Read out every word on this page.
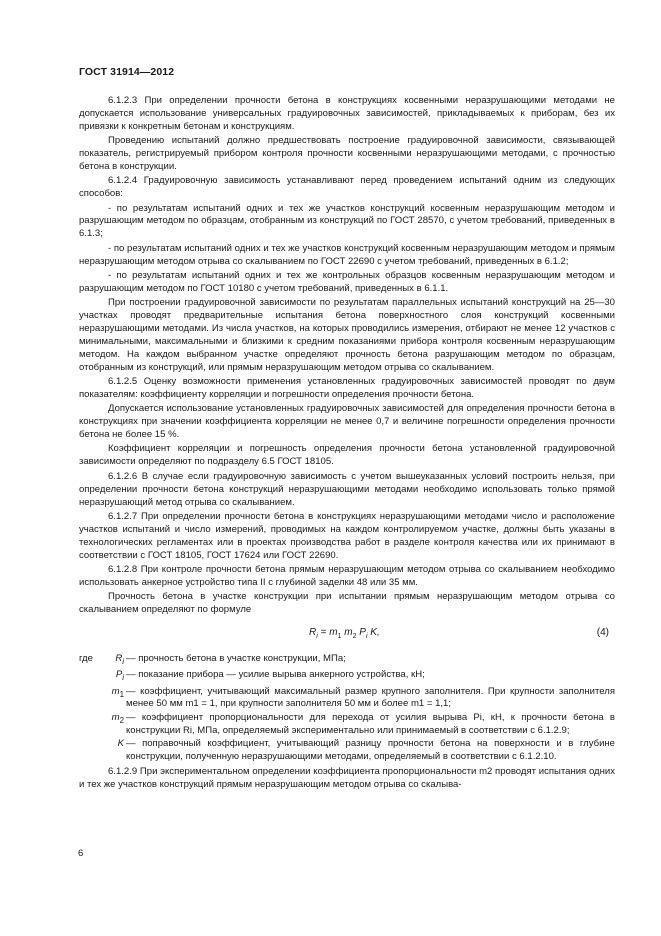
ГОСТ 31914—2012

6.1.2.3 При определении прочности бетона в конструкциях косвенными неразрушающими методами не допускается использование универсальных градуировочных зависимостей, прикладываемых к приборам, без их привязки к конкретным бетонам и конструкциям.

Проведению испытаний должно предшествовать построение градуировочной зависимости, связывающей показатель, регистрируемый прибором контроля прочности косвенными неразрушающими методами, с прочностью бетона в конструкции.

6.1.2.4 Градуировочную зависимость устанавливают перед проведением испытаний одним из следующих способов:

- по результатам испытаний одних и тех же участков конструкций косвенным неразрушающим методом и разрушающим методом по образцам, отобранным из конструкций по ГОСТ 28570, с учетом требований, приведенных в 6.1.3;

- по результатам испытаний одних и тех же участков конструкций косвенным неразрушающим методом и прямым неразрушающим методом отрыва со скалыванием по ГОСТ 22690 с учетом требований, приведенных в 6.1.2;

- по результатам испытаний одних и тех же контрольных образцов косвенным неразрушающим методом и разрушающим методом по ГОСТ 10180 с учетом требований, приведенных в 6.1.1.

При построении градуировочной зависимости по результатам параллельных испытаний конструкций на 25—30 участках проводят предварительные испытания бетона поверхностного слоя конструкций косвенными неразрушающими методами. Из числа участков, на которых проводились измерения, отбирают не менее 12 участков с минимальными, максимальными и близкими к средним показаниями прибора контроля косвенным неразрушающим методом. На каждом выбранном участке определяют прочность бетона разрушающим методом по образцам, отобранным из конструкций, или прямым неразрушающим методом отрыва со скалыванием.

6.1.2.5 Оценку возможности применения установленных градуировочных зависимостей проводят по двум показателям: коэффициенту корреляции и погрешности определения прочности бетона.

Допускается использование установленных градуировочных зависимостей для определения прочности бетона в конструкциях при значении коэффициента корреляции не менее 0,7 и величине погрешности определения прочности бетона не более 15 %.

Коэффициент корреляции и погрешность определения прочности бетона установленной градуировочной зависимости определяют по подразделу 6.5 ГОСТ 18105.

6.1.2.6 В случае если градуировочную зависимость с учетом вышеуказанных условий построить нельзя, при определении прочности бетона конструкций неразрушающими методами необходимо использовать только прямой неразрушающий метод отрыва со скалыванием.

6.1.2.7 При определении прочности бетона в конструкциях неразрушающими методами число и расположение участков испытаний и число измерений, проводимых на каждом контролируемом участке, должны быть указаны в технологических регламентах или в проектах производства работ в разделе контроля качества или их принимают в соответствии с ГОСТ 18105, ГОСТ 17624 или ГОСТ 22690.

6.1.2.8 При контроле прочности бетона прямым неразрушающим методом отрыва со скалыванием необходимо использовать анкерное устройство типа II с глубиной заделки 48 или 35 мм.

Прочность бетона в участке конструкции при испытании прямым неразрушающим методом отрыва со скалыванием определяют по формуле

$R_i = m_1$ $m_2$ $P_i$ K,	(4)
где $R_i$ — прочность бетона в участке конструкции, МПа;
$P_i$ — показание прибора — усилие вырыва анкерного устройства, кН;
$m_1$ — коэффициент, учитывающий максимальный размер крупного заполнителя. При крупности заполнителя менее 50 мм m1 = 1, при крупности заполнителя 50 мм и более m1 = 1,1;
$m_2$ — коэффициент пропорциональности для перехода от усилия вырыва Pi, кН, к прочности бетона в конструкции Ri, МПа, определяемый экспериментально или принимаемый в соответствии с 6.1.2.9;
K — поправочный коэффициент, учитывающий разницу прочности бетона на поверхности и в глубине конструкции, полученную неразрушающими методами, определяемый в соответствии с 6.1.2.10.

6.1.2.9 При экспериментальном определении коэффициента пропорциональности m2 проводят испытания одних и тех же участков конструкций прямым неразрушающим методом отрыва со скалыва-

6
